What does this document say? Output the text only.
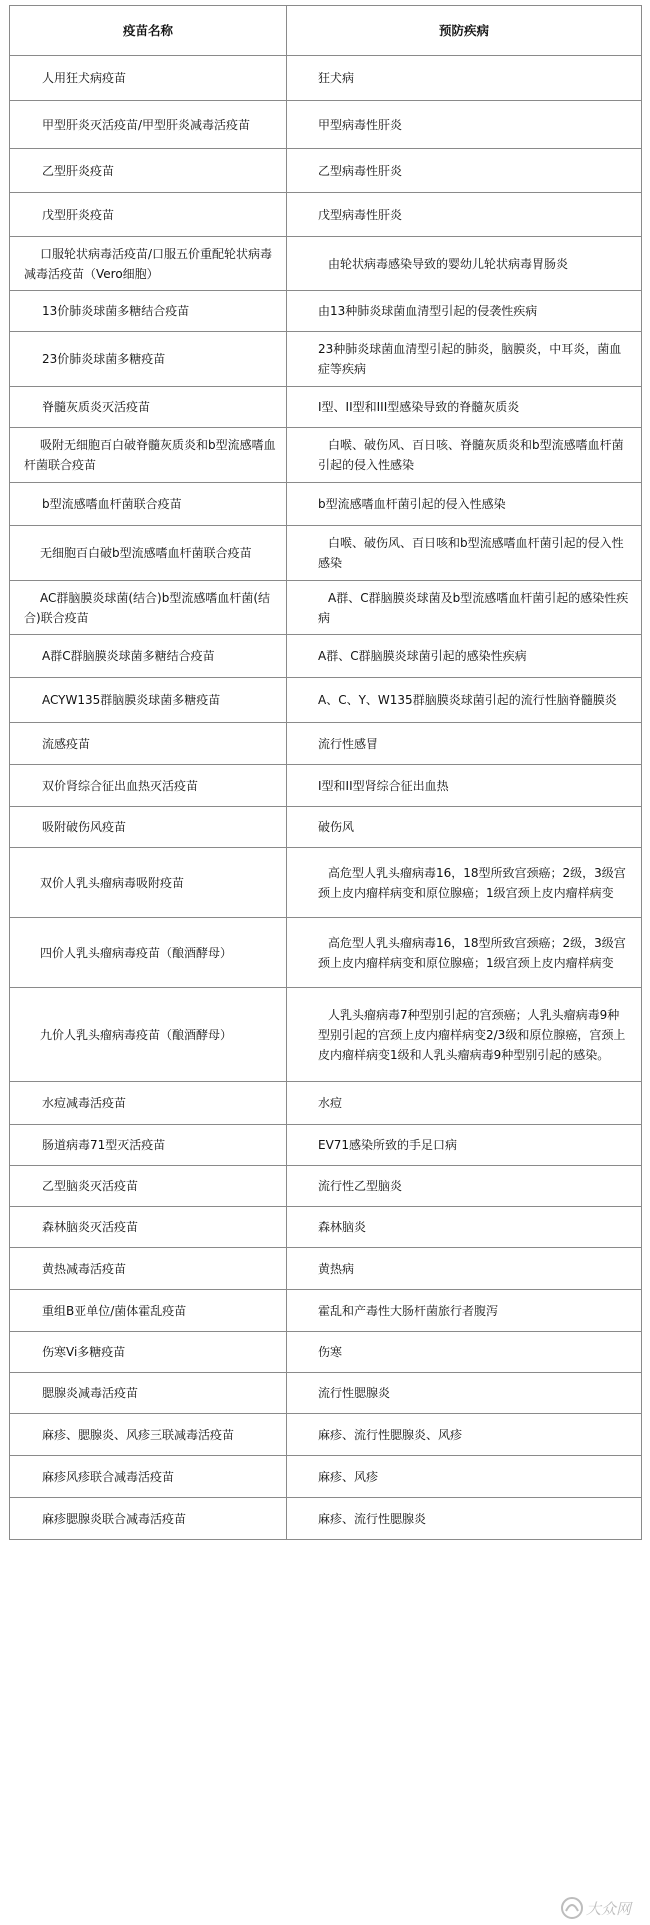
疫苗名称	预防疾病
人用狂犬病疫苗	狂犬病
甲型肝炎灭活疫苗/甲型肝炎减毒活疫苗	甲型病毒性肝炎
乙型肝炎疫苗	乙型病毒性肝炎
戊型肝炎疫苗	戊型病毒性肝炎
口服轮状病毒活疫苗/口服五价重配轮状病毒减毒活疫苗（Vero细胞）	由轮状病毒感染导致的婴幼儿轮状病毒胃肠炎
13价肺炎球菌多糖结合疫苗	由13种肺炎球菌血清型引起的侵袭性疾病
23价肺炎球菌多糖疫苗	23种肺炎球菌血清型引起的肺炎，脑膜炎，中耳炎，菌血症等疾病
脊髓灰质炎灭活疫苗	I型、II型和III型感染导致的脊髓灰质炎
吸附无细胞百白破脊髓灰质炎和b型流感嗜血杆菌联合疫苗	白喉、破伤风、百日咳、脊髓灰质炎和b型流感嗜血杆菌引起的侵入性感染
b型流感嗜血杆菌联合疫苗	b型流感嗜血杆菌引起的侵入性感染
无细胞百白破b型流感嗜血杆菌联合疫苗	白喉、破伤风、百日咳和b型流感嗜血杆菌引起的侵入性感染
AC群脑膜炎球菌(结合)b型流感嗜血杆菌(结合)联合疫苗	A群、C群脑膜炎球菌及b型流感嗜血杆菌引起的感染性疾病
A群C群脑膜炎球菌多糖结合疫苗	A群、C群脑膜炎球菌引起的感染性疾病
ACYW135群脑膜炎球菌多糖疫苗	A、C、Y、W135群脑膜炎球菌引起的流行性脑脊髓膜炎
流感疫苗	流行性感冒
双价肾综合征出血热灭活疫苗	I型和II型肾综合征出血热
吸附破伤风疫苗	破伤风
双价人乳头瘤病毒吸附疫苗	高危型人乳头瘤病毒16，18型所致宫颈癌；2级，3级宫颈上皮内瘤样病变和原位腺癌；1级宫颈上皮内瘤样病变
四价人乳头瘤病毒疫苗（酿酒酵母）	高危型人乳头瘤病毒16，18型所致宫颈癌；2级，3级宫颈上皮内瘤样病变和原位腺癌；1级宫颈上皮内瘤样病变
九价人乳头瘤病毒疫苗（酿酒酵母）	人乳头瘤病毒7种型别引起的宫颈癌；人乳头瘤病毒9种型别引起的宫颈上皮内瘤样病变2/3级和原位腺癌，宫颈上皮内瘤样病变1级和人乳头瘤病毒9种型别引起的感染。
水痘减毒活疫苗	水痘
肠道病毒71型灭活疫苗	EV71感染所致的手足口病
乙型脑炎灭活疫苗	流行性乙型脑炎
森林脑炎灭活疫苗	森林脑炎
黄热减毒活疫苗	黄热病
重组B亚单位/菌体霍乱疫苗	霍乱和产毒性大肠杆菌旅行者腹泻
伤寒Vi多糖疫苗	伤寒
腮腺炎减毒活疫苗	流行性腮腺炎
麻疹、腮腺炎、风疹三联减毒活疫苗	麻疹、流行性腮腺炎、风疹
麻疹风疹联合减毒活疫苗	麻疹、风疹
麻疹腮腺炎联合减毒活疫苗	麻疹、流行性腮腺炎
大众网
